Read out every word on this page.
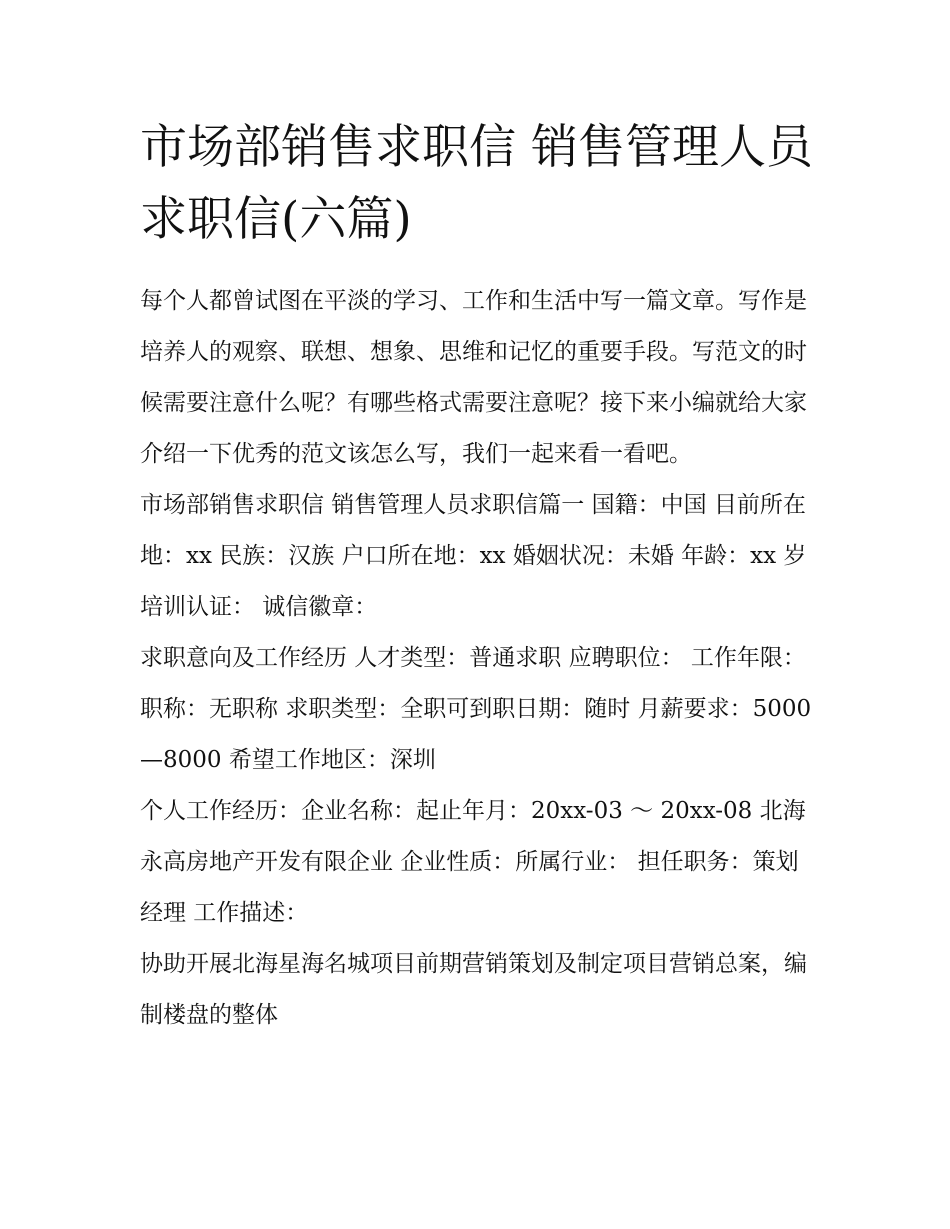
市场部销售求职信 销售管理人员求职信(六篇)

每个人都曾试图在平淡的学习、工作和生活中写一篇文章。写作是培养人的观察、联想、想象、思维和记忆的重要手段。写范文的时候需要注意什么呢？有哪些格式需要注意呢？接下来小编就给大家介绍一下优秀的范文该怎么写，我们一起来看一看吧。

市场部销售求职信 销售管理人员求职信篇一 国籍：中国 目前所在地：xx 民族：汉族 户口所在地：xx 婚姻状况：未婚 年龄：xx 岁 培训认证： 诚信徽章：

求职意向及工作经历 人才类型：普通求职 应聘职位： 工作年限：职称：无职称 求职类型：全职可到职日期：随时 月薪要求：5000—8000 希望工作地区：深圳

个人工作经历：企业名称：起止年月：20xx-03 ～ 20xx-08 北海永高房地产开发有限企业 企业性质：所属行业： 担任职务：策划经理 工作描述：

协助开展北海星海名城项目前期营销策划及制定项目营销总案，编制楼盘的整体
